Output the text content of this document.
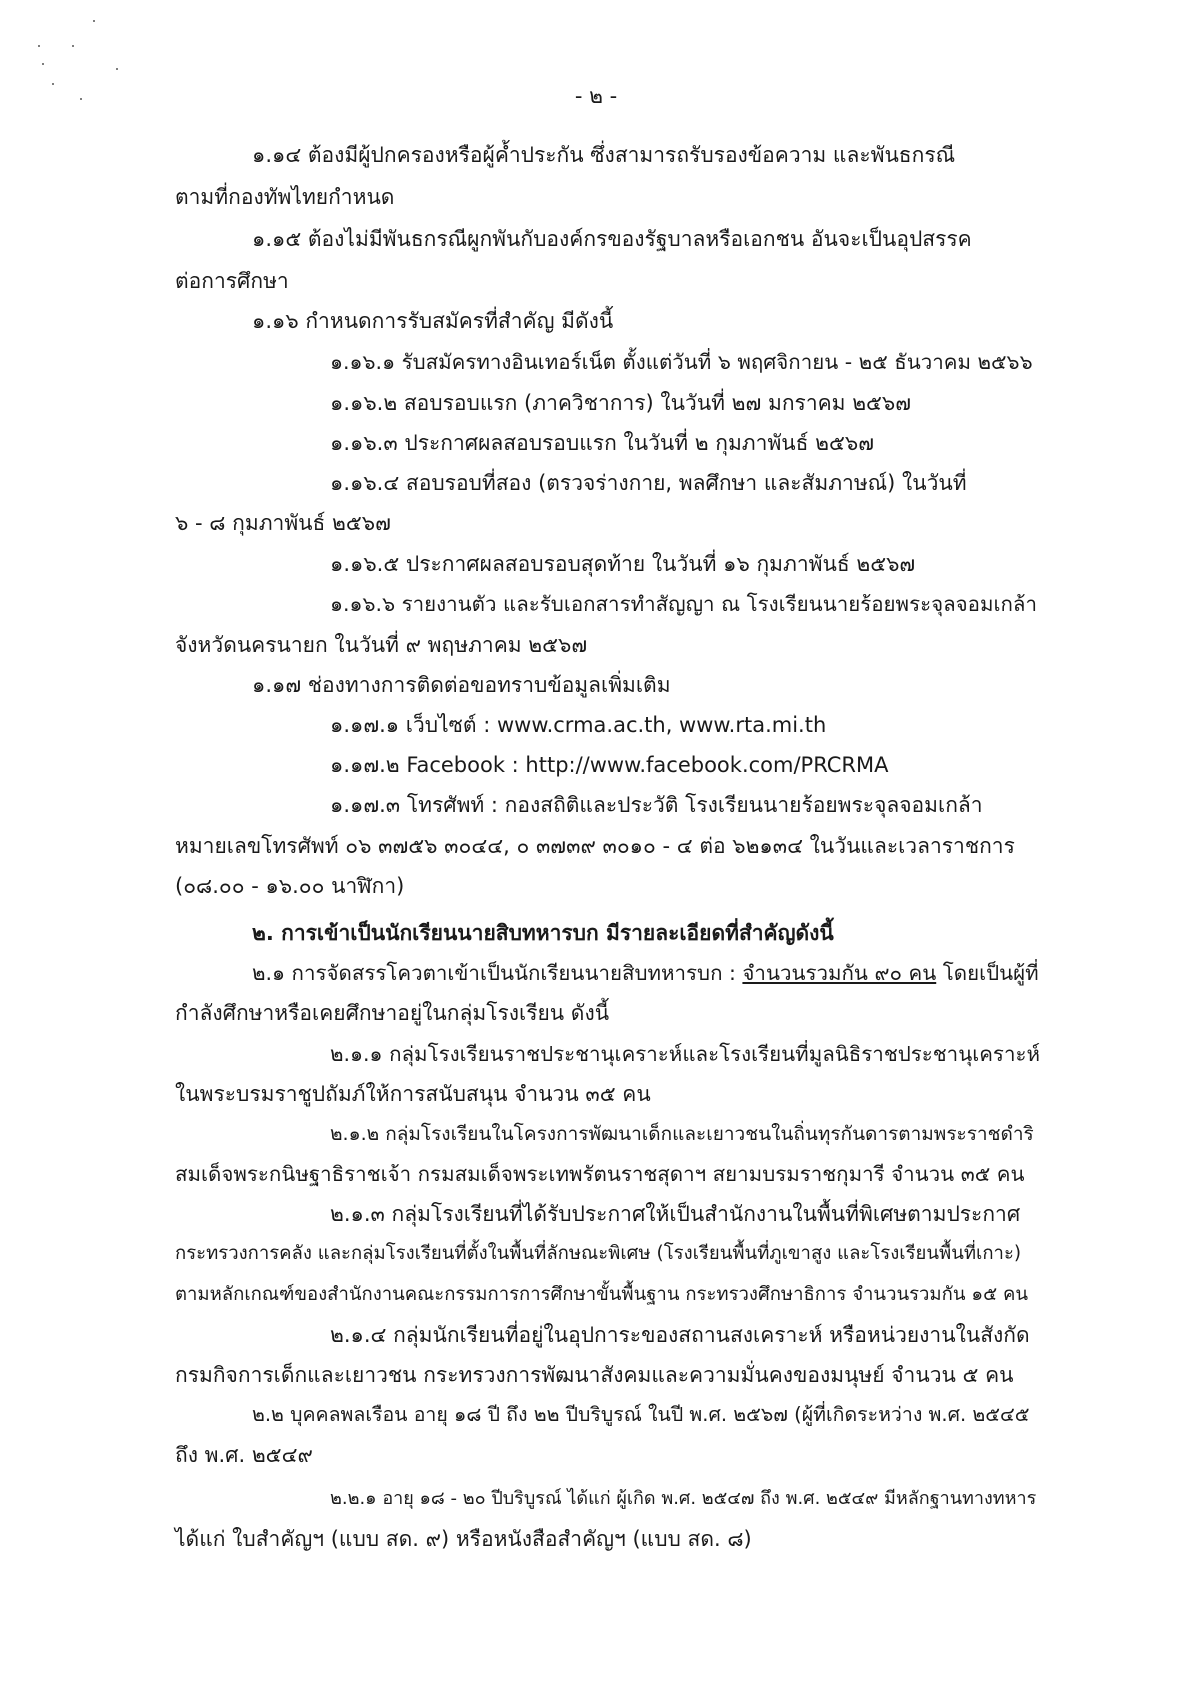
- ๒ -
๑.๑๔ ต้องมีผู้ปกครองหรือผู้ค้ำประกัน ซึ่งสามารถรับรองข้อความ และพันธกรณี
ตามที่กองทัพไทยกำหนด
๑.๑๕ ต้องไม่มีพันธกรณีผูกพันกับองค์กรของรัฐบาลหรือเอกชน อันจะเป็นอุปสรรค
ต่อการศึกษา
๑.๑๖ กำหนดการรับสมัครที่สำคัญ มีดังนี้
๑.๑๖.๑ รับสมัครทางอินเทอร์เน็ต ตั้งแต่วันที่ ๖ พฤศจิกายน - ๒๕ ธันวาคม ๒๕๖๖
๑.๑๖.๒ สอบรอบแรก (ภาควิชาการ) ในวันที่ ๒๗ มกราคม ๒๕๖๗
๑.๑๖.๓ ประกาศผลสอบรอบแรก ในวันที่ ๒ กุมภาพันธ์ ๒๕๖๗
๑.๑๖.๔ สอบรอบที่สอง (ตรวจร่างกาย, พลศึกษา และสัมภาษณ์) ในวันที่
๖ - ๘ กุมภาพันธ์ ๒๕๖๗
๑.๑๖.๕ ประกาศผลสอบรอบสุดท้าย ในวันที่ ๑๖ กุมภาพันธ์ ๒๕๖๗
๑.๑๖.๖ รายงานตัว และรับเอกสารทำสัญญา ณ โรงเรียนนายร้อยพระจุลจอมเกล้า
จังหวัดนครนายก ในวันที่ ๙ พฤษภาคม ๒๕๖๗
๑.๑๗ ช่องทางการติดต่อขอทราบข้อมูลเพิ่มเติม
๑.๑๗.๑ เว็บไซต์ : www.crma.ac.th, www.rta.mi.th
๑.๑๗.๒ Facebook : http://www.facebook.com/PRCRMA
๑.๑๗.๓ โทรศัพท์ : กองสถิติและประวัติ โรงเรียนนายร้อยพระจุลจอมเกล้า
หมายเลขโทรศัพท์ ๐๖ ๓๗๕๖ ๓๐๔๔, ๐ ๓๗๓๙ ๓๐๑๐ - ๔ ต่อ ๖๒๑๓๔ ในวันและเวลาราชการ
(๐๘.๐๐ - ๑๖.๐๐ นาฬิกา)
๒. การเข้าเป็นนักเรียนนายสิบทหารบก มีรายละเอียดที่สำคัญดังนี้
๒.๑ การจัดสรรโควตาเข้าเป็นนักเรียนนายสิบทหารบก : จำนวนรวมกัน ๙๐ คน โดยเป็นผู้ที่
กำลังศึกษาหรือเคยศึกษาอยู่ในกลุ่มโรงเรียน ดังนี้
๒.๑.๑ กลุ่มโรงเรียนราชประชานุเคราะห์และโรงเรียนที่มูลนิธิราชประชานุเคราะห์
ในพระบรมราชูปถัมภ์ให้การสนับสนุน จำนวน ๓๕ คน
๒.๑.๒ กลุ่มโรงเรียนในโครงการพัฒนาเด็กและเยาวชนในถิ่นทุรกันดารตามพระราชดำริ
สมเด็จพระกนิษฐาธิราชเจ้า กรมสมเด็จพระเทพรัตนราชสุดาฯ สยามบรมราชกุมารี จำนวน ๓๕ คน
๒.๑.๓ กลุ่มโรงเรียนที่ได้รับประกาศให้เป็นสำนักงานในพื้นที่พิเศษตามประกาศ
กระทรวงการคลัง และกลุ่มโรงเรียนที่ตั้งในพื้นที่ลักษณะพิเศษ (โรงเรียนพื้นที่ภูเขาสูง และโรงเรียนพื้นที่เกาะ)
ตามหลักเกณฑ์ของสำนักงานคณะกรรมการการศึกษาขั้นพื้นฐาน กระทรวงศึกษาธิการ จำนวนรวมกัน ๑๕ คน
๒.๑.๔ กลุ่มนักเรียนที่อยู่ในอุปการะของสถานสงเคราะห์ หรือหน่วยงานในสังกัด
กรมกิจการเด็กและเยาวชน กระทรวงการพัฒนาสังคมและความมั่นคงของมนุษย์ จำนวน ๕ คน
๒.๒ บุคคลพลเรือน อายุ ๑๘ ปี ถึง ๒๒ ปีบริบูรณ์ ในปี พ.ศ. ๒๕๖๗ (ผู้ที่เกิดระหว่าง พ.ศ. ๒๕๔๕
ถึง พ.ศ. ๒๕๔๙
๒.๒.๑ อายุ ๑๘ - ๒๐ ปีบริบูรณ์ ได้แก่ ผู้เกิด พ.ศ. ๒๕๔๗ ถึง พ.ศ. ๒๕๔๙ มีหลักฐานทางทหาร
ได้แก่ ใบสำคัญฯ (แบบ สด. ๙) หรือหนังสือสำคัญฯ (แบบ สด. ๘)
